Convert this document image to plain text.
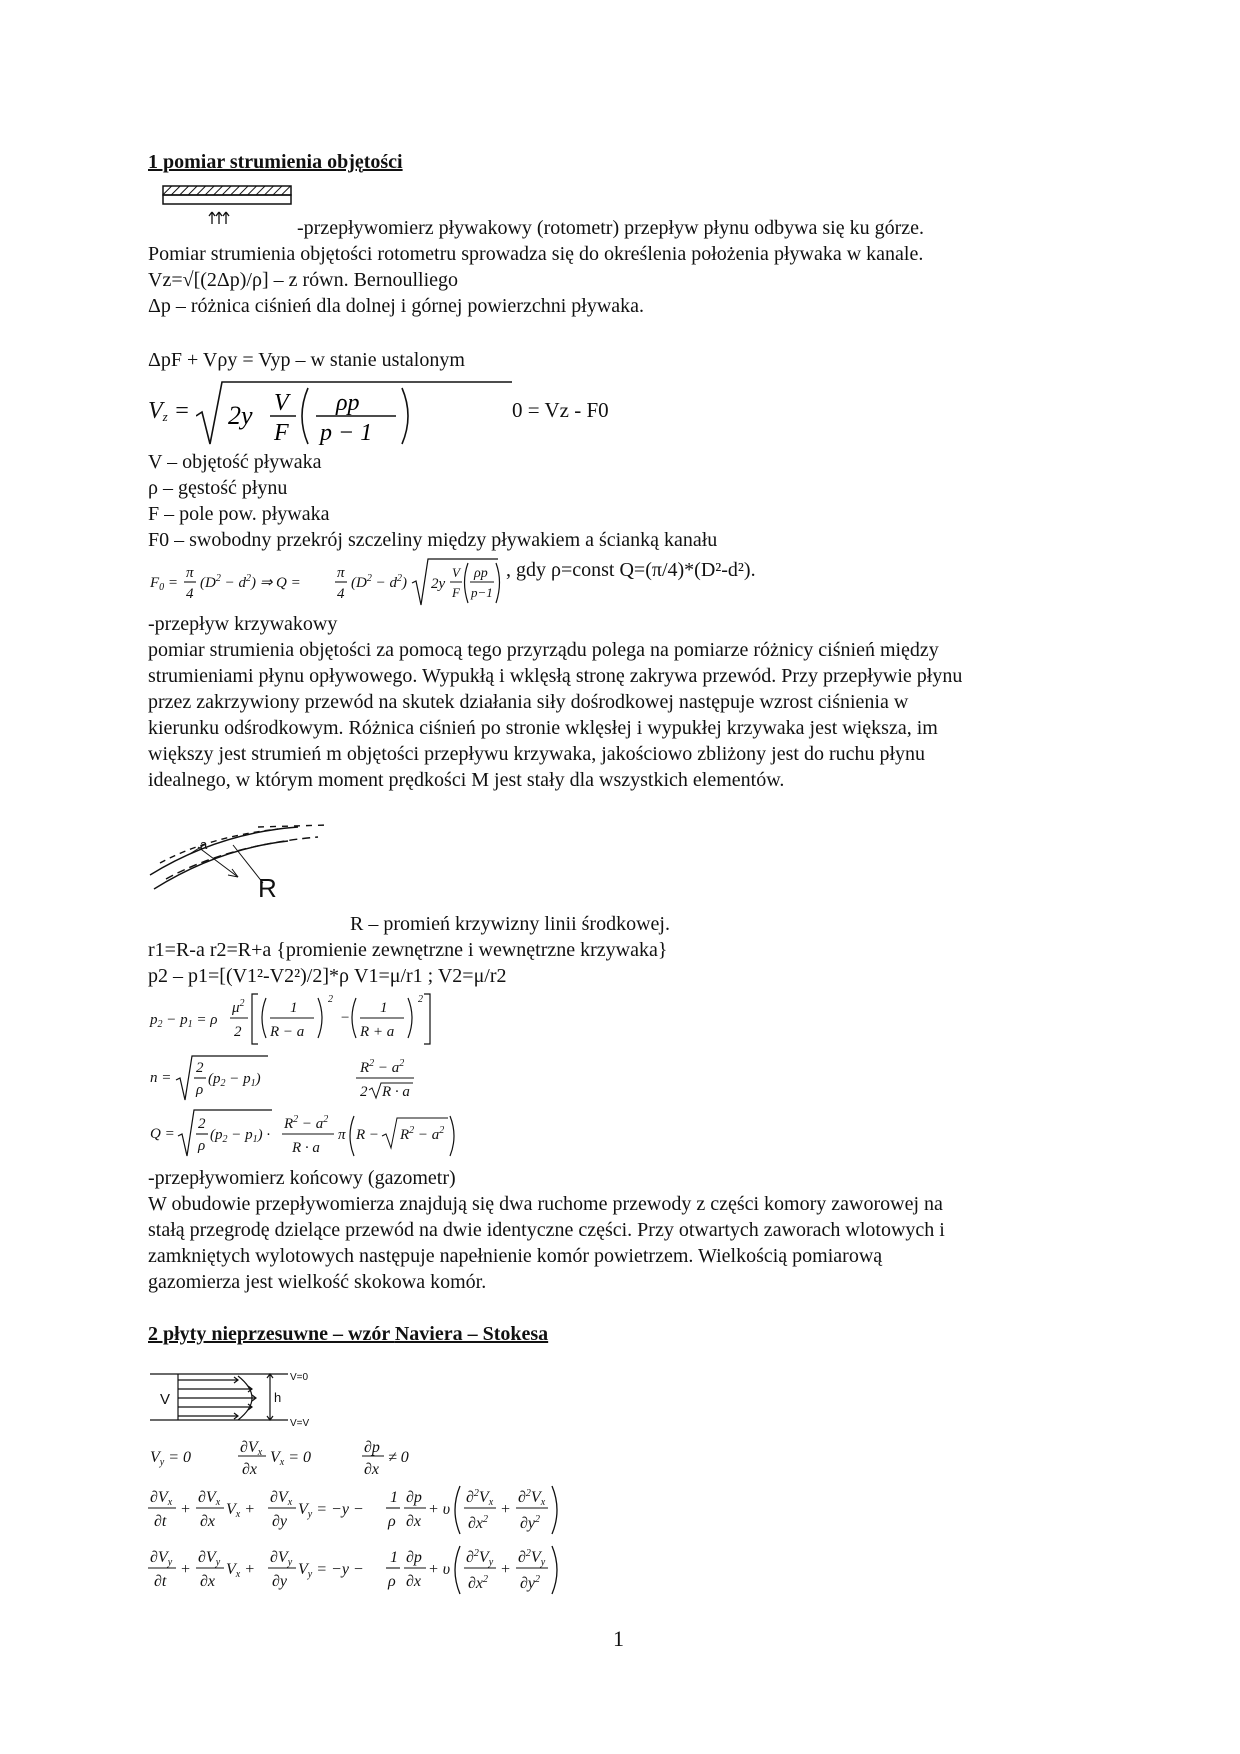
1 pomiar strumienia objętości
-przepływomierz pływakowy (rotometr) przepływ płynu odbywa się ku górze.
Pomiar strumienia objętości rotometru sprowadza się do określenia położenia pływaka w kanale.
Vz=√[(2Δp)/ρ] – z równ. Bernoulliego
Δp – różnica ciśnień dla dolnej i górnej powierzchni pływaka.
ΔpF + Vρy = Vyp – w stanie ustalonym
$V_z = 2y$ V
F
ρp
p − 1
0 = Vz - F0
V – objętość pływaka
ρ – gęstość płynu
F – pole pow. pływaka
F0 – swobodny przekrój szczeliny między pływakiem a ścianką kanału
$F_0$ =
π
4
$(D^2 - d^2)$ ⇒ Q =
π
4
$(D^2 - d^2)$ 2y
V
F
ρp
p−1
, gdy ρ=const Q=(π/4)*(D²-d²).
-przepływ krzywakowy
pomiar strumienia objętości za pomocą tego przyrządu polega na pomiarze różnicy ciśnień między
strumieniami płynu opływowego. Wypukłą i wklęsłą stronę zakrywa przewód. Przy przepływie płynu
przez zakrzywiony przewód na skutek działania siły dośrodkowej następuje wzrost ciśnienia w
kierunku odśrodkowym. Różnica ciśnień po stronie wklęsłej i wypukłej krzywaka jest większa, im
większy jest strumień m objętości przepływu krzywaka, jakościowo zbliżony jest do ruchu płynu
idealnego, w którym moment prędkości M jest stały dla wszystkich elementów.
a
R
R – promień krzywizny linii środkowej.
r1=R-a r2=R+a {promienie zewnętrzne i wewnętrzne krzywaka}
p2 – p1=[(V1²-V2²)/2]*ρ V1=μ/r1 ; V2=μ/r2
$p_2 - p_1 = \rho$
$\mu^2$
2
1
R − a
2
−
1
R + a
2
n =
2
ρ
$(p_2 - p_1)$
$R^2 - a^2$
2 R · a
Q =
2
ρ
$(p_2 - p_1)$ ·
$R^2 - a^2$
R · a
π $R - R^2 - a^2$
-przepływomierz końcowy (gazometr)
W obudowie przepływomierza znajdują się dwa ruchome przewody z części komory zaworowej na
stałą przegrodę dzielące przewód na dwie identyczne części. Przy otwartych zaworach wlotowych i
zamkniętych wylotowych następuje napełnienie komór powietrzem. Wielkością pomiarową
gazomierza jest wielkość skokowa komór.
2 płyty nieprzesuwne – wzór Naviera – Stokesa
V	h
V=0
V=V
Vy = 0
∂Vx
∂x
Vx = 0
∂p
∂x
≠ 0
∂Vx
∂t
+
∂Vx
∂x
Vx +
∂Vx
∂y
Vy = −y −
1
ρ
∂p
∂x
+ υ
∂$^2$Vx
$\partial x^2$
+
∂$^2$Vx
$\partial y^2$
∂Vy
∂t
+
∂Vy
∂x
Vx +
∂Vy
∂y
Vy = −y −
1
ρ
∂p
∂x
+ υ
∂$^2$Vy
$\partial x^2$
+
∂$^2$Vy
$\partial y^2$
1
